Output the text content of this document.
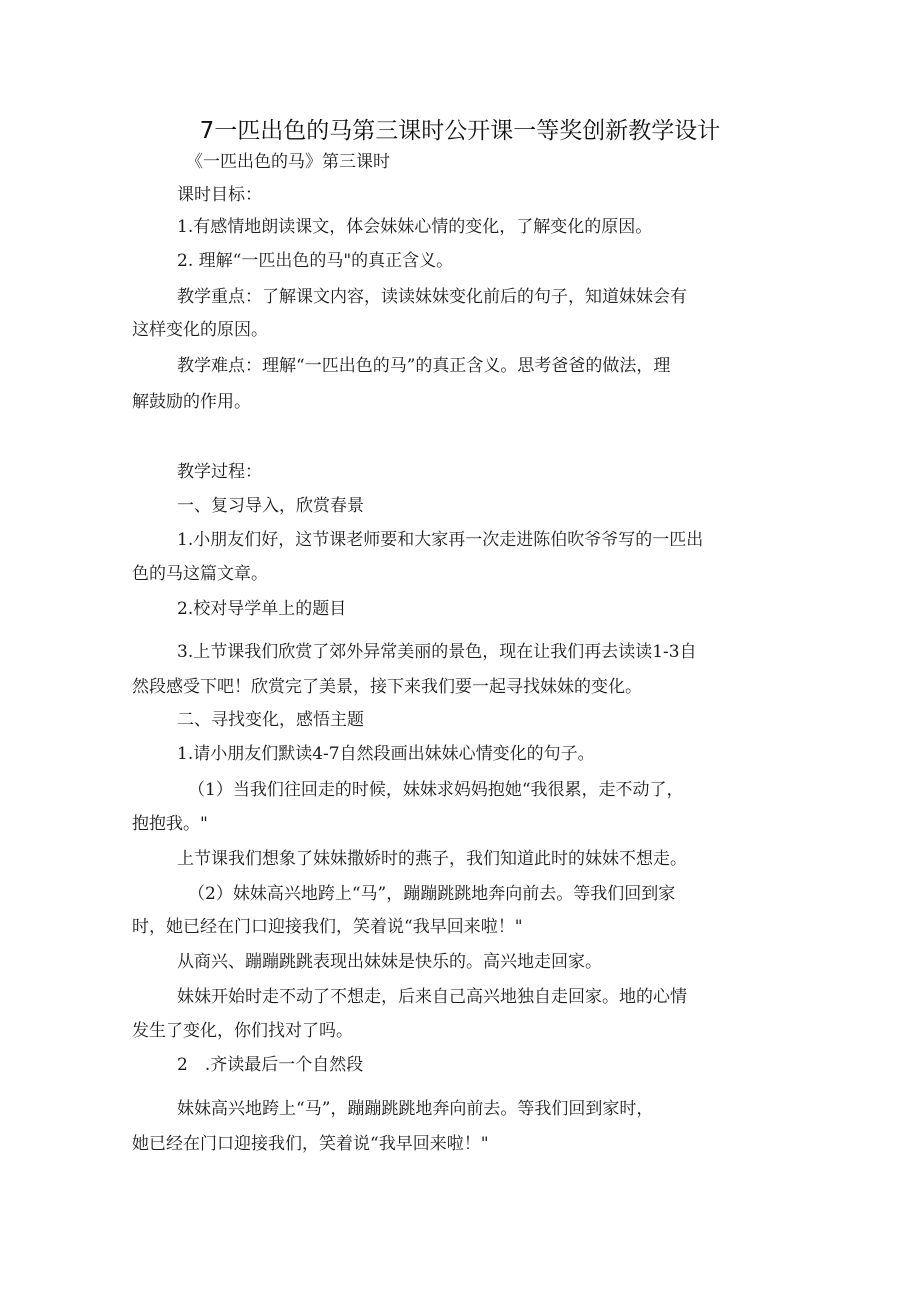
7一匹出色的马第三课时公开课一等奖创新教学设计
《一匹出色的马》第三课时
课时目标：
1.有感情地朗读课文，体会妹妹心情的变化，了解变化的原因。
2. 理解“一匹出色的马"的真正含义。
教学重点：了解课文内容，读读妹妹变化前后的句子，知道妹妹会有
这样变化的原因。
教学难点：理解“一匹出色的马”的真正含义。思考爸爸的做法，理
解鼓励的作用。
教学过程：
一、复习导入，欣赏春景
1.小朋友们好，这节课老师要和大家再一次走进陈伯吹爷爷写的一匹出
色的马这篇文章。
2.校对导学单上的题目
3.上节课我们欣赏了郊外异常美丽的景色，现在让我们再去读读1-3自
然段感受下吧！欣赏完了美景，接下来我们要一起寻找妹妹的变化。
二、寻找变化，感悟主题
1.请小朋友们默读4-7自然段画出妹妹心情变化的句子。
（1）当我们往回走的时候，妹妹求妈妈抱她“我很累，走不动了，
抱抱我。"
上节课我们想象了妹妹撒娇时的燕子，我们知道此时的妹妹不想走。
（2）妹妹高兴地跨上“马”，蹦蹦跳跳地奔向前去。等我们回到家
时，她已经在门口迎接我们，笑着说“我早回来啦！"
从商兴、蹦蹦跳跳表现出妹妹是快乐的。高兴地走回家。
妹妹开始时走不动了不想走，后来自己高兴地独自走回家。地的心情
发生了变化，你们找对了吗。
2　.齐读最后一个自然段
妹妹高兴地跨上“马”，蹦蹦跳跳地奔向前去。等我们回到家时，
她已经在门口迎接我们，笑着说“我早回来啦！"
